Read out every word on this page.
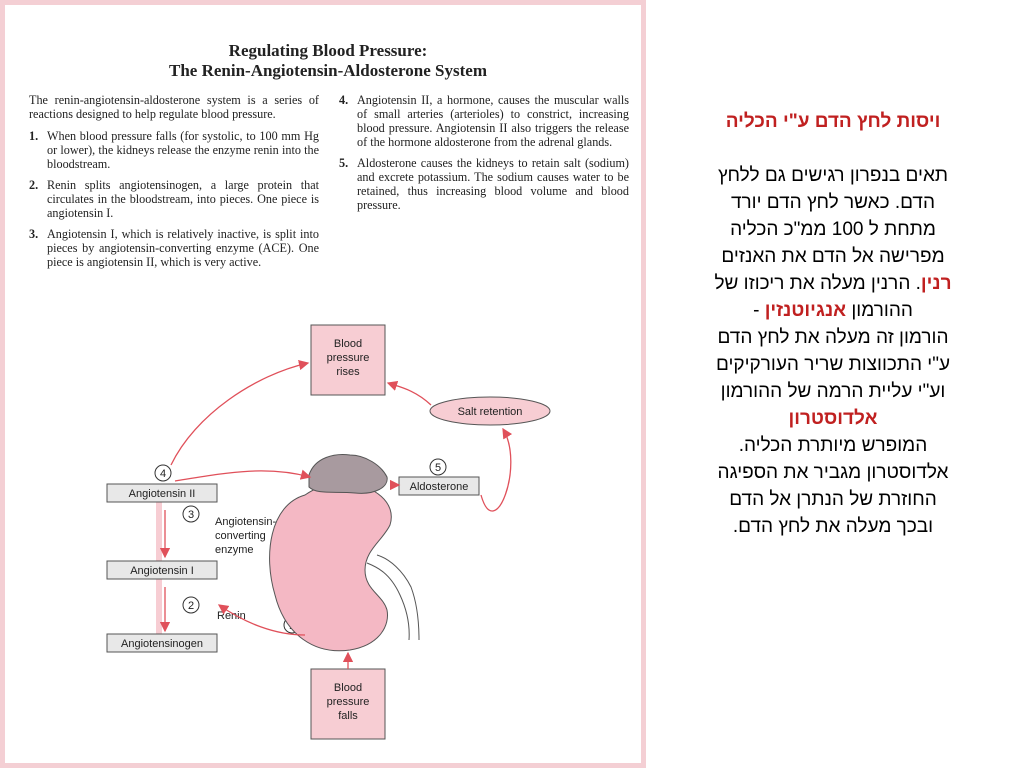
Regulating Blood Pressure:
The Renin-Angiotensin-Aldosterone System

The renin-angiotensin-aldosterone system is a series of reactions designed to help regulate blood pressure.

1. When blood pressure falls (for systolic, to 100 mm Hg or lower), the kidneys release the enzyme renin into the bloodstream.
2. Renin splits angiotensinogen, a large protein that circulates in the bloodstream, into pieces. One piece is angiotensin I.
3. Angiotensin I, which is relatively inactive, is split into pieces by angiotensin-converting enzyme (ACE). One piece is angiotensin II, which is very active.
4. Angiotensin II, a hormone, causes the muscular walls of small arteries (arterioles) to constrict, increasing blood pressure. Angiotensin II also triggers the release of the hormone aldosterone from the adrenal glands.
5. Aldosterone causes the kidneys to retain salt (sodium) and excrete potassium. The sodium causes water to be retained, thus increasing blood volume and blood pressure.
Blood
pressure
rises
Blood
pressure
falls
Salt retention
Aldosterone
Angiotensin II
Angiotensin I
Angiotensinogen
Angiotensin-
converting
enzyme
Renin
4
3
2
5
ויסות לחץ הדם ע"י הכליה
תאים בנפרון רגישים גם ללחץ
הדם. כאשר לחץ הדם יורד
מתחת ל 100 ממ"כ הכליה
מפרישה אל הדם את האנזים
רנין. הרנין מעלה את ריכוזו של
ההורמון אנגיוטנזין -
הורמון זה מעלה את לחץ הדם
ע"י התכווצות שריר העורקיקים
וע"י עליית הרמה של ההורמון
אלדוסטרון
המופרש מיותרת הכליה.
אלדוסטרון מגביר את הספיגה
החוזרת של הנתרן אל הדם
ובכך מעלה את לחץ הדם.
